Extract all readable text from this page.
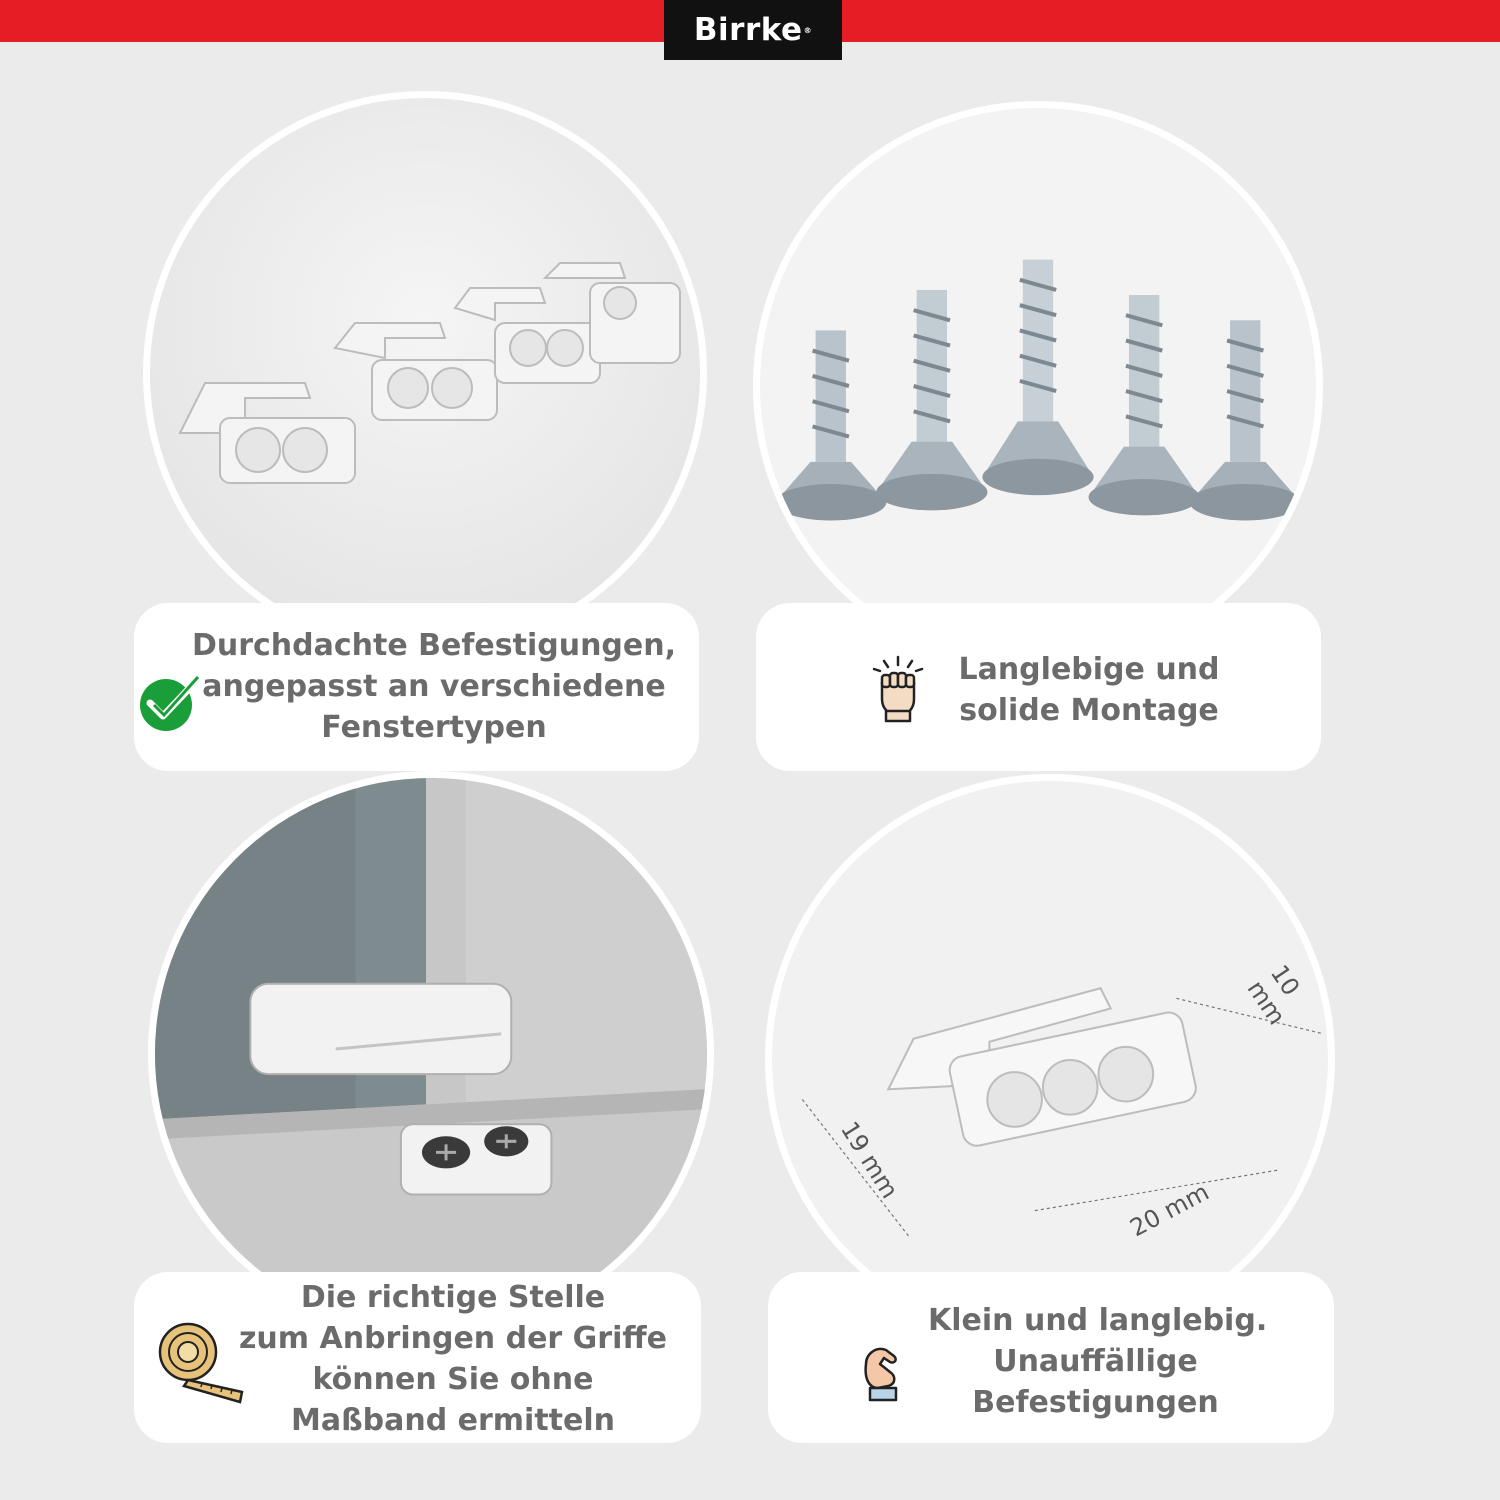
Birrke ®
Durchdachte Befestigungen,
angepasst an verschiedene
Fenstertypen
Langlebige und
solide Montage
Die richtige Stelle
zum Anbringen der Griffe
können Sie ohne
Maßband ermitteln
10 mm
19 mm
20 mm
Klein und langlebig.
Unauffällige
Befestigungen
